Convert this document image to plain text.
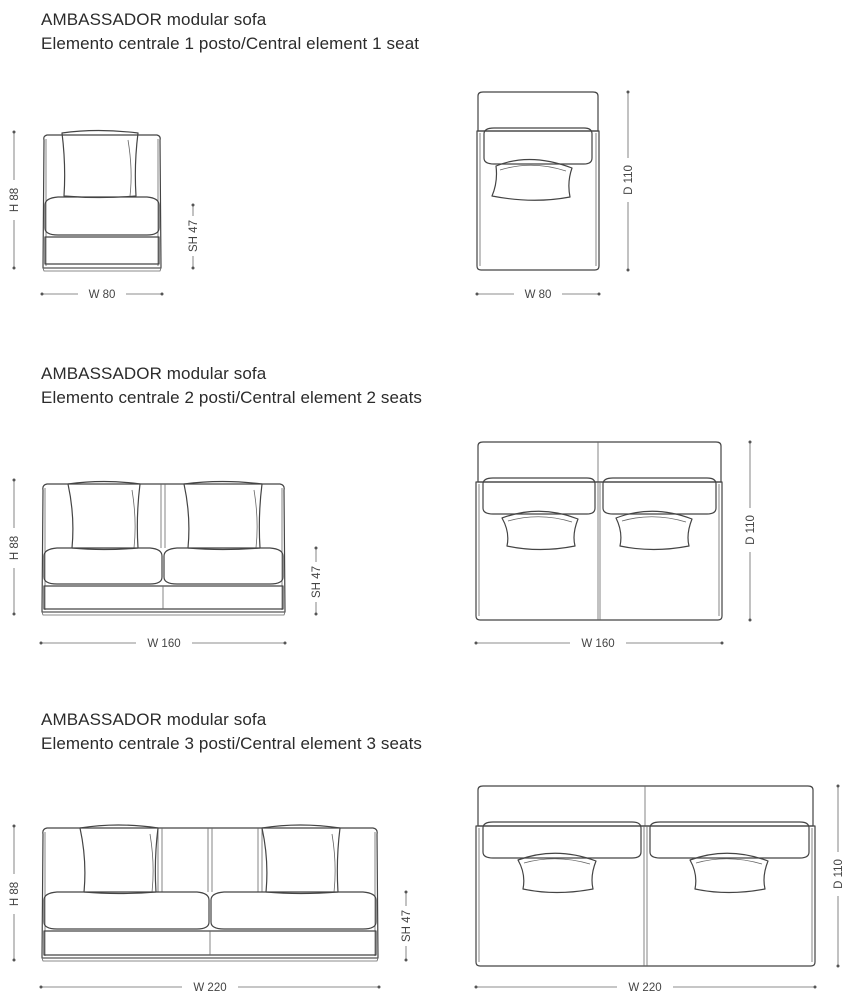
AMBASSADOR modular sofa
Elemento centrale 1 posto/Central element 1 seat
H 88
SH 47
W 80
D 110
W 80
AMBASSADOR modular sofa
Elemento centrale 2 posti/Central element 2 seats
H 88
SH 47
W 160
D 110
W 160
AMBASSADOR modular sofa
Elemento centrale 3 posti/Central element 3 seats
H 88
SH 47
W 220
D 110
W 220
